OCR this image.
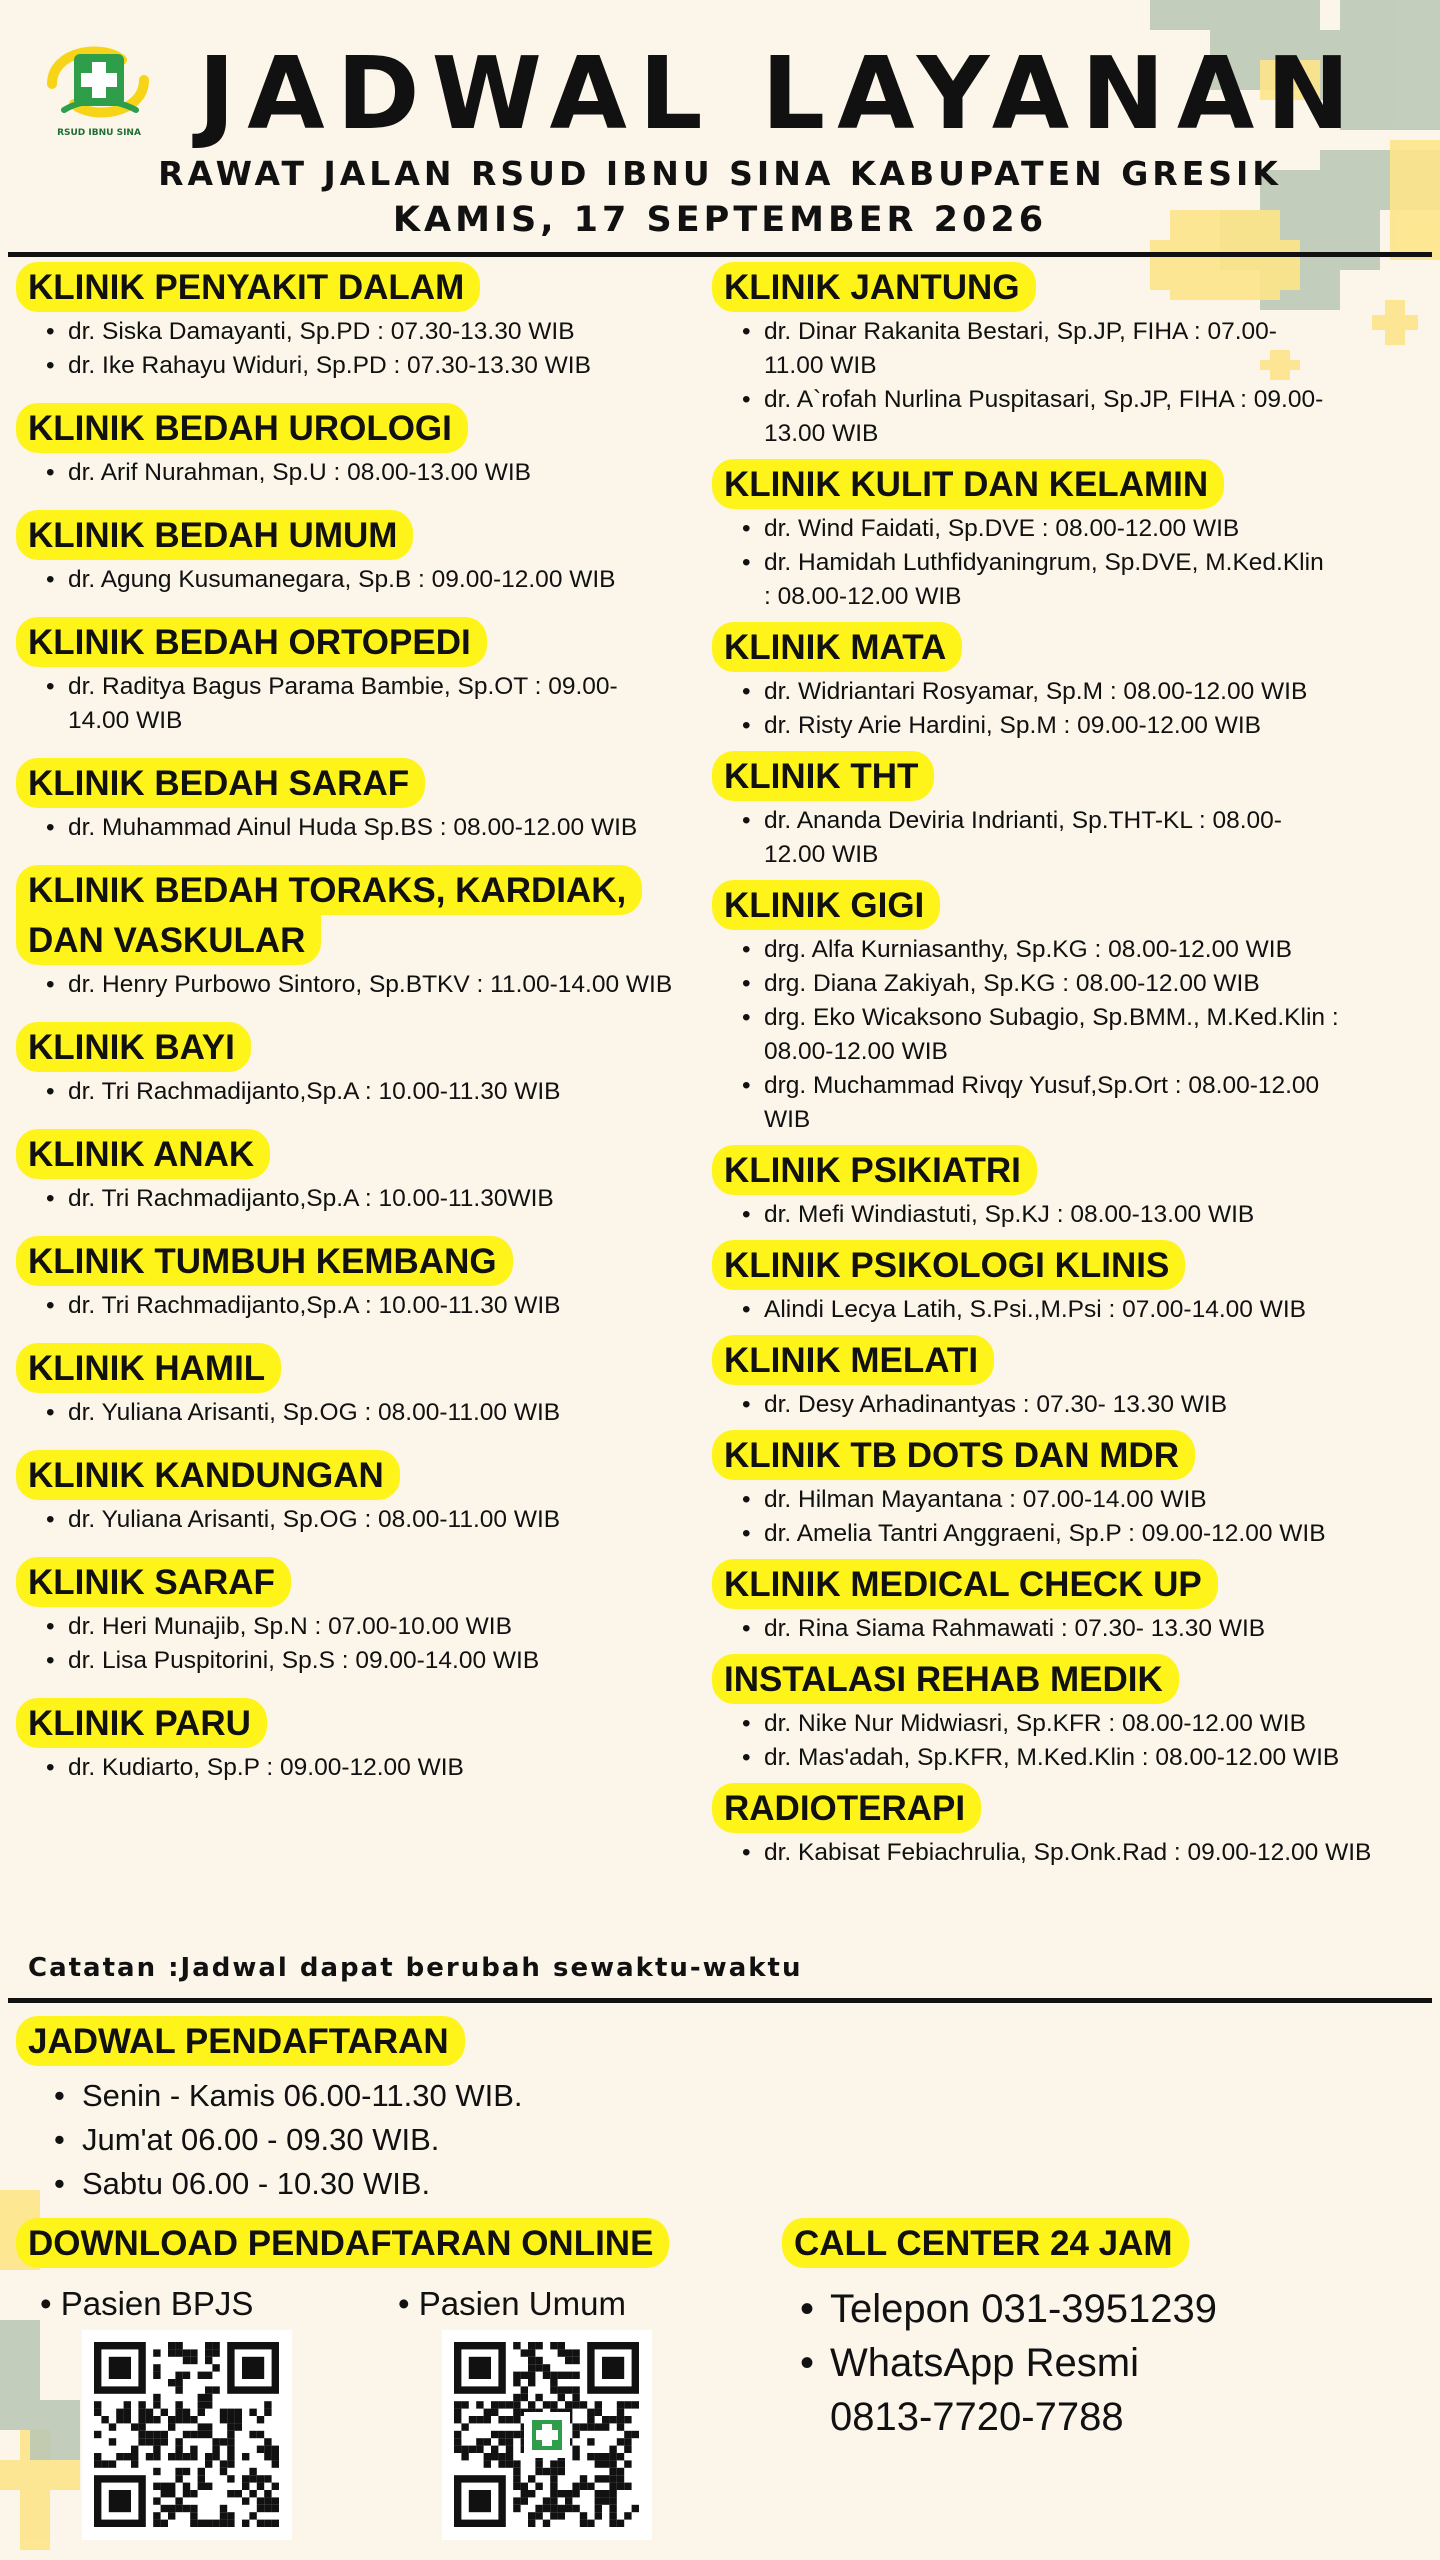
RSUD IBNU SINA JADWAL LAYANAN
RAWAT JALAN RSUD IBNU SINA KABUPATEN GRESIK
KAMIS, 17 SEPTEMBER 2026
KLINIK PENYAKIT DALAM
• dr. Siska Damayanti, Sp.PD : 07.30-13.30 WIB
• dr. Ike Rahayu Widuri, Sp.PD : 07.30-13.30 WIB
KLINIK BEDAH UROLOGI
• dr. Arif Nurahman, Sp.U : 08.00-13.00 WIB
KLINIK BEDAH UMUM
• dr. Agung Kusumanegara, Sp.B : 09.00-12.00 WIB
KLINIK BEDAH ORTOPEDI
• dr. Raditya Bagus Parama Bambie, Sp.OT : 09.00-14.00 WIB
KLINIK BEDAH SARAF
• dr. Muhammad Ainul Huda Sp.BS : 08.00-12.00 WIB
KLINIK BEDAH TORAKS, KARDIAK,
DAN VASKULAR
• dr. Henry Purbowo Sintoro, Sp.BTKV : 11.00-14.00 WIB
KLINIK BAYI
• dr. Tri Rachmadijanto,Sp.A : 10.00-11.30 WIB
KLINIK ANAK
• dr. Tri Rachmadijanto,Sp.A : 10.00-11.30WIB
KLINIK TUMBUH KEMBANG
• dr. Tri Rachmadijanto,Sp.A : 10.00-11.30 WIB
KLINIK HAMIL
• dr. Yuliana Arisanti, Sp.OG : 08.00-11.00 WIB
KLINIK KANDUNGAN
• dr. Yuliana Arisanti, Sp.OG : 08.00-11.00 WIB
KLINIK SARAF
• dr. Heri Munajib, Sp.N : 07.00-10.00 WIB
• dr. Lisa Puspitorini, Sp.S : 09.00-14.00 WIB
KLINIK PARU
• dr. Kudiarto, Sp.P : 09.00-12.00 WIB
KLINIK JANTUNG
• dr. Dinar Rakanita Bestari, Sp.JP, FIHA : 07.00-11.00 WIB
• dr. A`rofah Nurlina Puspitasari, Sp.JP, FIHA : 09.00-13.00 WIB
KLINIK KULIT DAN KELAMIN
• dr. Wind Faidati, Sp.DVE : 08.00-12.00 WIB
• dr. Hamidah Luthfidyaningrum, Sp.DVE, M.Ked.Klin : 08.00-12.00 WIB
KLINIK MATA
• dr. Widriantari Rosyamar, Sp.M : 08.00-12.00 WIB
• dr. Risty Arie Hardini, Sp.M : 09.00-12.00 WIB
KLINIK THT
• dr. Ananda Deviria Indrianti, Sp.THT-KL : 08.00-12.00 WIB
KLINIK GIGI
• drg. Alfa Kurniasanthy, Sp.KG : 08.00-12.00 WIB
• drg. Diana Zakiyah, Sp.KG : 08.00-12.00 WIB
• drg. Eko Wicaksono Subagio, Sp.BMM., M.Ked.Klin : 08.00-12.00 WIB
• drg. Muchammad Rivqy Yusuf,Sp.Ort : 08.00-12.00 WIB
KLINIK PSIKIATRI
• dr. Mefi Windiastuti, Sp.KJ : 08.00-13.00 WIB
KLINIK PSIKOLOGI KLINIS
• Alindi Lecya Latih, S.Psi.,M.Psi : 07.00-14.00 WIB
KLINIK MELATI
• dr. Desy Arhadinantyas : 07.30- 13.30 WIB
KLINIK TB DOTS DAN MDR
• dr. Hilman Mayantana : 07.00-14.00 WIB
• dr. Amelia Tantri Anggraeni, Sp.P : 09.00-12.00 WIB
KLINIK MEDICAL CHECK UP
• dr. Rina Siama Rahmawati : 07.30- 13.30 WIB
INSTALASI REHAB MEDIK
• dr. Nike Nur Midwiasri, Sp.KFR : 08.00-12.00 WIB
• dr. Mas'adah, Sp.KFR, M.Ked.Klin : 08.00-12.00 WIB
RADIOTERAPI
• dr. Kabisat Febiachrulia, Sp.Onk.Rad : 09.00-12.00 WIB
Catatan :Jadwal dapat berubah sewaktu-waktu
JADWAL PENDAFTARAN
• Senin - Kamis 06.00-11.30 WIB.
• Jum'at 06.00 - 09.30 WIB.
• Sabtu 06.00 - 10.30 WIB.
DOWNLOAD PENDAFTARAN ONLINE
• Pasien BPJS	• Pasien Umum
CALL CENTER 24 JAM
• Telepon 031-3951239
• WhatsApp Resmi
0813-7720-7788
